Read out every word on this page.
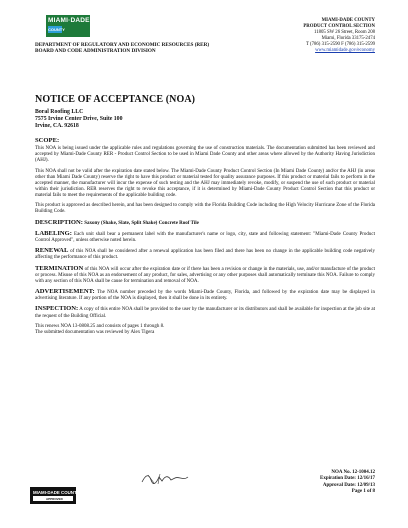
MIAMI·DADE
COUNTY
DEPARTMENT OF REGULATORY AND ECONOMIC RESOURCES (RER)
BOARD AND CODE ADMINISTRATION DIVISION
MIAMI-DADE COUNTY
PRODUCT CONTROL SECTION
11805 SW 26 Street, Room 208
Miami, Florida 33175-2474
T (786) 315-2590 F (786) 315-2599
www.miamidade.gov/economy
NOTICE OF ACCEPTANCE (NOA)
Boral Roofing LLC
7575 Irvine Center Drive, Suite 100
Irvine, CA. 92618

SCOPE:

This NOA is being issued under the applicable rules and regulations governing the use of construction materials. The documentation submitted has been reviewed and accepted by Miami-Dade County RER - Product Control Section to be used in Miami Dade County and other areas where allowed by the Authority Having Jurisdiction (AHJ).

This NOA shall not be valid after the expiration date stated below. The Miami-Dade County Product Control Section (In Miami Dade County) and/or the AHJ (in areas other than Miami Dade County) reserve the right to have this product or material tested for quality assurance purposes. If this product or material fails to perform in the accepted manner, the manufacturer will incur the expense of such testing and the AHJ may immediately revoke, modify, or suspend the use of such product or material within their jurisdiction. RER reserves the right to revoke this acceptance, if it is determined by Miami-Dade County Product Control Section that this product or material fails to meet the requirements of the applicable building code.

This product is approved as described herein, and has been designed to comply with the Florida Building Code including the High Velocity Hurricane Zone of the Florida Building Code.

DESCRIPTION: Saxony (Shake, Slate, Split Shake) Concrete Roof Tile

LABELING: Each unit shall bear a permanent label with the manufacturer's name or logo, city, state and following statement: "Miami-Dade County Product Control Approved", unless otherwise noted herein.

RENEWAL of this NOA shall be considered after a renewal application has been filed and there has been no change in the applicable building code negatively affecting the performance of this product.

TERMINATION of this NOA will occur after the expiration date or if there has been a revision or change in the materials, use, and/or manufacture of the product or process. Misuse of this NOA as an endorsement of any product, for sales, advertising or any other purposes shall automatically terminate this NOA. Failure to comply with any section of this NOA shall be cause for termination and removal of NOA.

ADVERTISEMENT: The NOA number preceded by the words Miami-Dade County, Florida, and followed by the expiration date may be displayed in advertising literature. If any portion of the NOA is displayed, then it shall be done in its entirety.

INSPECTION: A copy of this entire NOA shall be provided to the user by the manufacturer or its distributors and shall be available for inspection at the job site at the request of the Building Official.

This renews NOA 13-0808.25 and consists of pages 1 through 8.

The submitted documentation was reviewed by Alex Tigera

NOA No. 12-1004.12
Expiration Date: 12/16/17
Approval Date: 12/09/13
Page 1 of 8
MIAMI-DADE COUNTY
APPROVED
